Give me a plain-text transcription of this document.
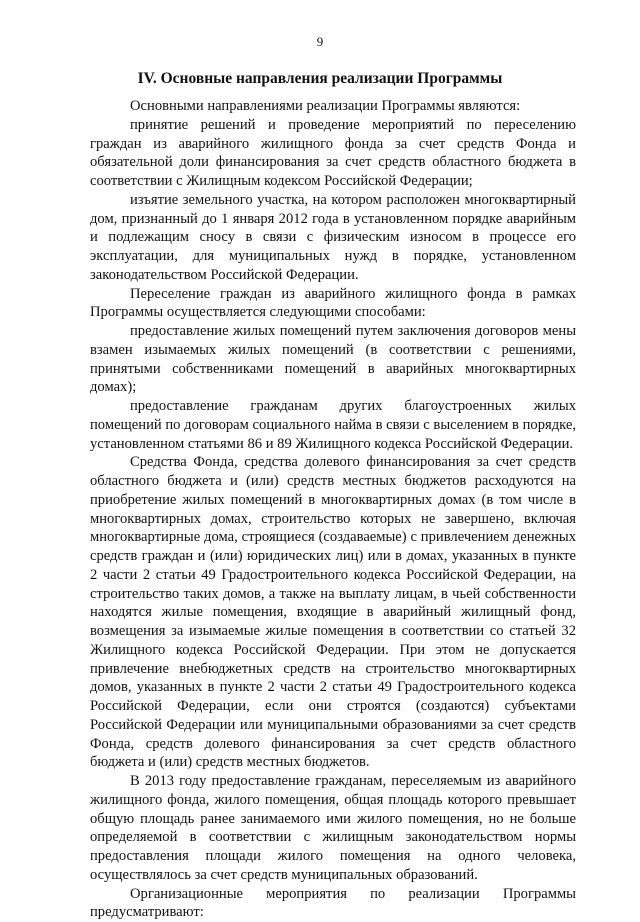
9
IV. Основные направления реализации Программы

Основными направлениями реализации Программы являются:

принятие решений и проведение мероприятий по переселению граждан из аварийного жилищного фонда за счет средств Фонда и обязательной доли финансирования за счет средств областного бюджета в соответствии с Жилищным кодексом Российской Федерации;

изъятие земельного участка, на котором расположен многоквартирный дом, признанный до 1 января 2012 года в установленном порядке аварийным и подлежащим сносу в связи с физическим износом в процессе его эксплуатации, для муниципальных нужд в порядке, установленном законодательством Российской Федерации.

Переселение граждан из аварийного жилищного фонда в рамках Программы осуществляется следующими способами:

предоставление жилых помещений путем заключения договоров мены взамен изымаемых жилых помещений (в соответствии с решениями, принятыми собственниками помещений в аварийных многоквартирных домах);

предоставление гражданам других благоустроенных жилых помещений по договорам социального найма в связи с выселением в порядке, установленном статьями 86 и 89 Жилищного кодекса Российской Федерации.

Средства Фонда, средства долевого финансирования за счет средств областного бюджета и (или) средств местных бюджетов расходуются на приобретение жилых помещений в многоквартирных домах (в том числе в многоквартирных домах, строительство которых не завершено, включая многоквартирные дома, строящиеся (создаваемые) с привлечением денежных средств граждан и (или) юридических лиц) или в домах, указанных в пункте 2 части 2 статьи 49 Градостроительного кодекса Российской Федерации, на строительство таких домов, а также на выплату лицам, в чьей собственности находятся жилые помещения, входящие в аварийный жилищный фонд, возмещения за изымаемые жилые помещения в соответствии со статьей 32 Жилищного кодекса Российской Федерации. При этом не допускается привлечение внебюджетных средств на строительство многоквартирных домов, указанных в пункте 2 части 2 статьи 49 Градостроительного кодекса Российской Федерации, если они строятся (создаются) субъектами Российской Федерации или муниципальными образованиями за счет средств Фонда, средств долевого финансирования за счет средств областного бюджета и (или) средств местных бюджетов.

В 2013 году предоставление гражданам, переселяемым из аварийного жилищного фонда, жилого помещения, общая площадь которого превышает общую площадь ранее занимаемого ими жилого помещения, но не больше определяемой в соответствии с жилищным законодательством нормы предоставления площади жилого помещения на одного человека, осуществлялось за счет средств муниципальных образований.

Организационные мероприятия по реализации Программы предусматривают:
